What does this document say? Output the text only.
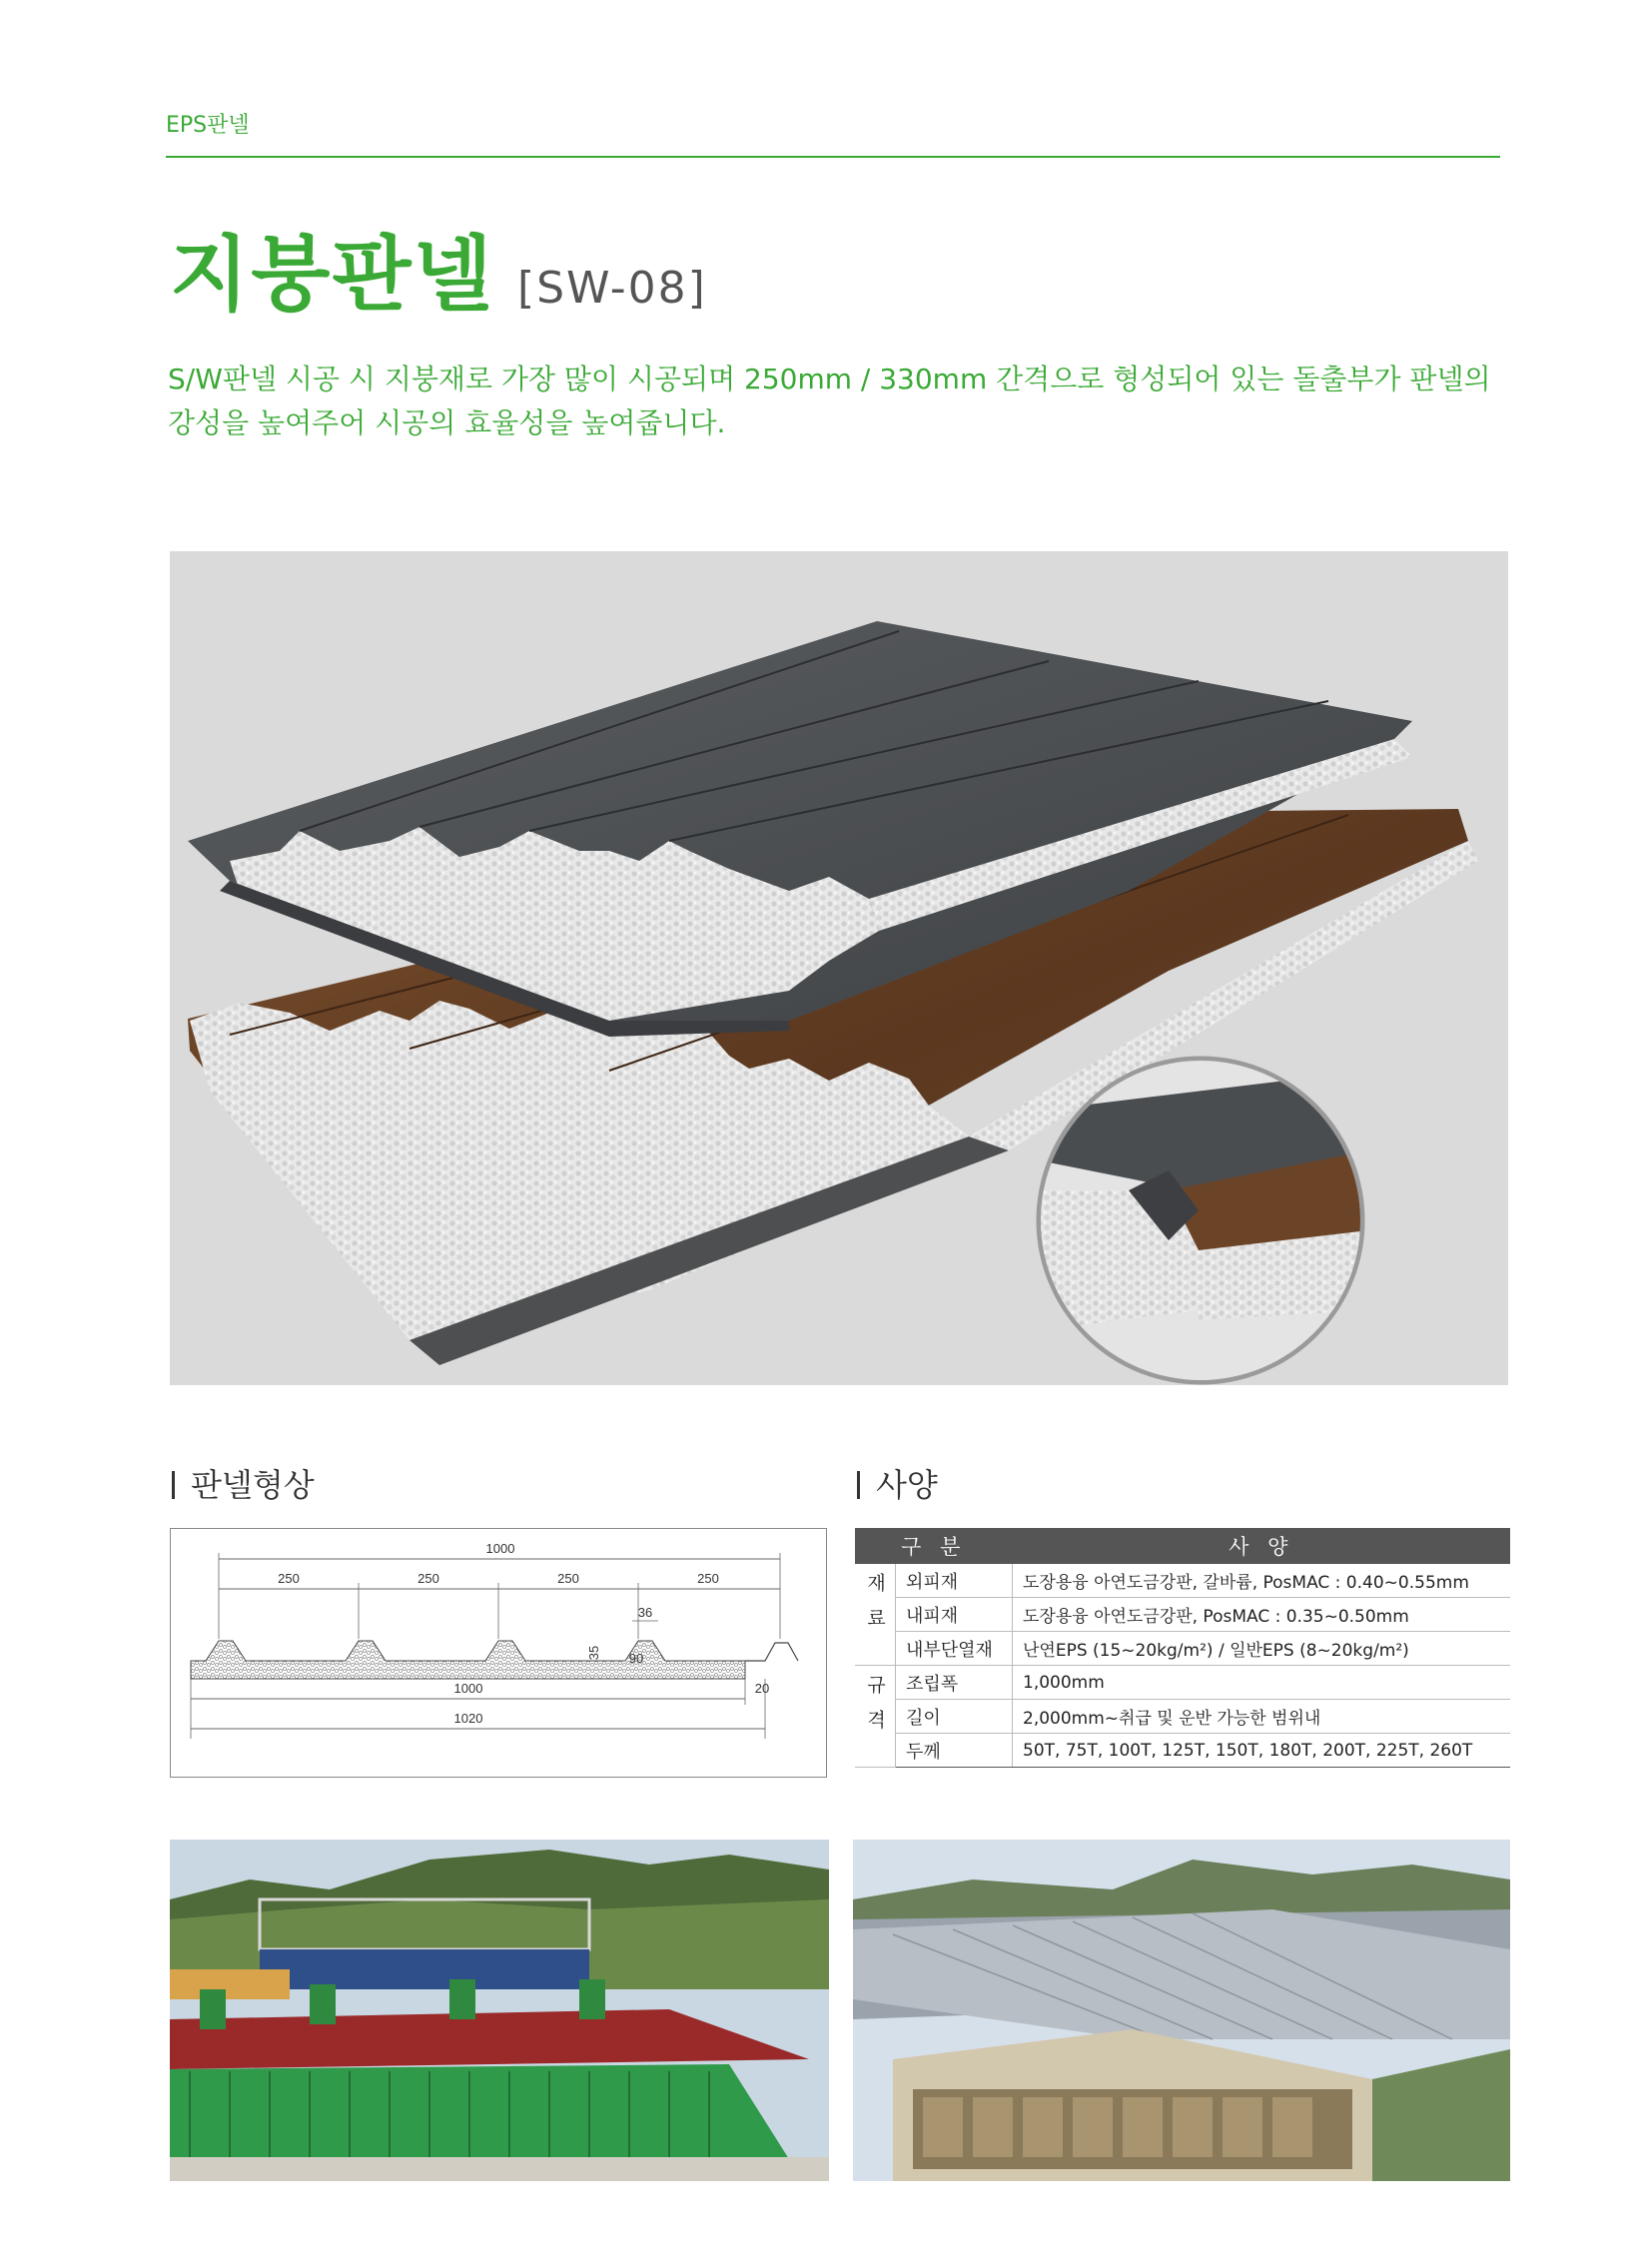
EPS판넬
지붕판넬 [SW-08]
S/W판넬 시공 시 지붕재로 가장 많이 시공되며 250mm / 330mm 간격으로 형성되어 있는 돌출부가 판넬의 강성을 높여주어 시공의 효율성을 높여줍니다.
판넬형상	사양
1000
250	250	250	250
36
35 90
1000	20
1020
구 분		사 양
재료	외피재	도장용융 아연도금강판, 갈바륨, PosMAC : 0.40~0.55mm
	내피재	도장용융 아연도금강판, PosMAC : 0.35~0.50mm
	내부단열재	난연EPS (15~20kg/m²) / 일반EPS (8~20kg/m²)
규격	조립폭	1,000mm
	길이	2,000mm~취급 및 운반 가능한 범위내
	두께	50T, 75T, 100T, 125T, 150T, 180T, 200T, 225T, 260T
